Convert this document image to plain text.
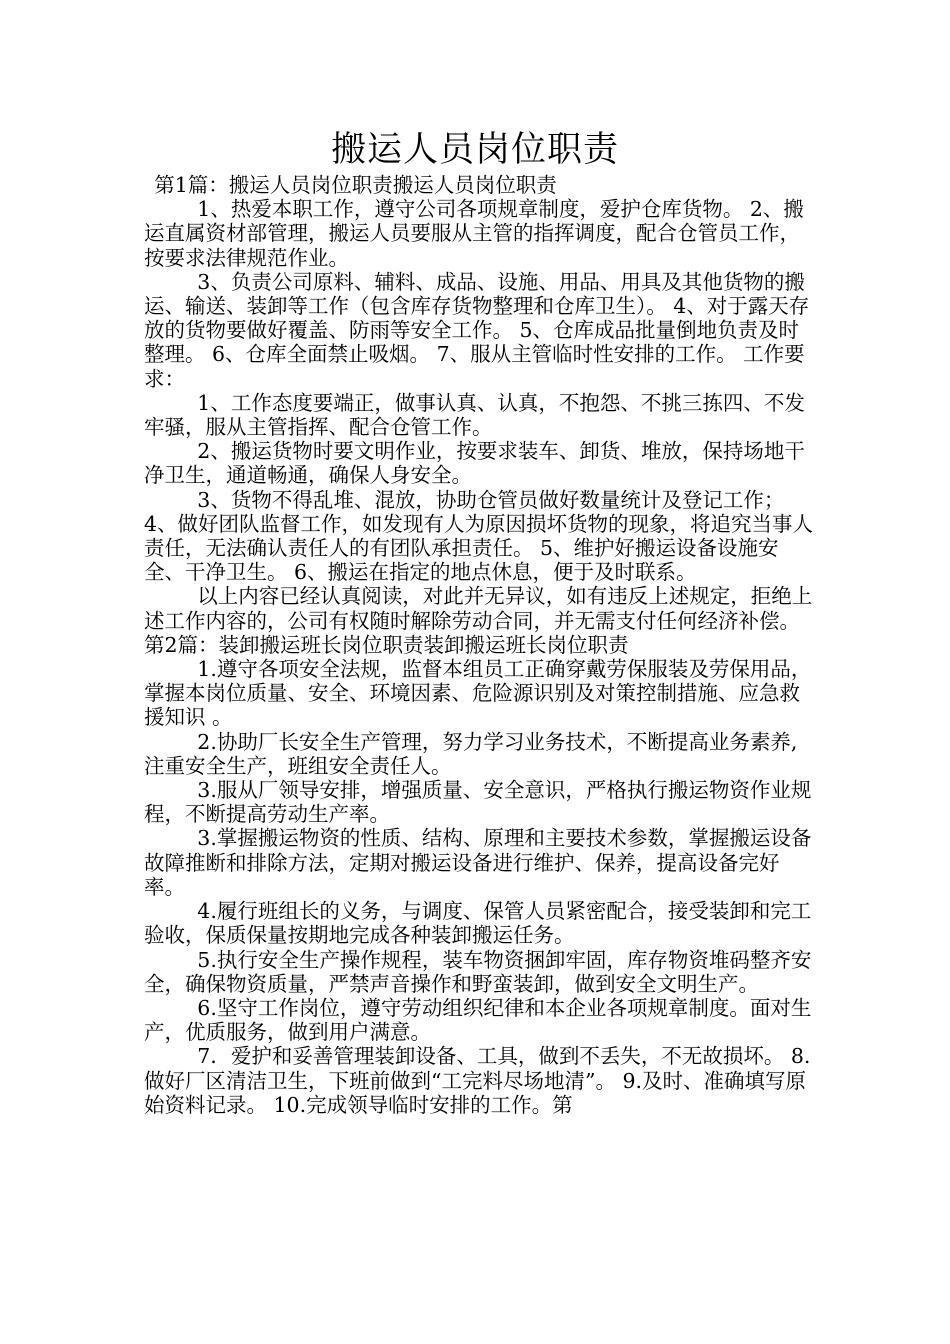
搬运人员岗位职责

第1篇：搬运人员岗位职责搬运人员岗位职责

1、热爱本职工作，遵守公司各项规章制度，爱护仓库货物。 2、搬运直属资材部管理，搬运人员要服从主管的指挥调度，配合仓管员工作，按要求法律规范作业。

3、负责公司原料、辅料、成品、设施、用品、用具及其他货物的搬运、输送、装卸等工作（包含库存货物整理和仓库卫生）。 4、对于露天存放的货物要做好覆盖、防雨等安全工作。 5、仓库成品批量倒地负责及时整理。 6、仓库全面禁止吸烟。 7、服从主管临时性安排的工作。 工作要求：

1、工作态度要端正，做事认真、认真，不抱怨、不挑三拣四、不发牢骚，服从主管指挥、配合仓管工作。

2、搬运货物时要文明作业，按要求装车、卸货、堆放，保持场地干净卫生，通道畅通，确保人身安全。

3、货物不得乱堆、混放，协助仓管员做好数量统计及登记工作； 4、做好团队监督工作，如发现有人为原因损坏货物的现象，将追究当事人责任，无法确认责任人的有团队承担责任。 5、维护好搬运设备设施安全、干净卫生。 6、搬运在指定的地点休息，便于及时联系。

以上内容已经认真阅读，对此并无异议，如有违反上述规定，拒绝上述工作内容的，公司有权随时解除劳动合同，并无需支付任何经济补偿。第2篇：装卸搬运班长岗位职责装卸搬运班长岗位职责

1.遵守各项安全法规，监督本组员工正确穿戴劳保服装及劳保用品，掌握本岗位质量、安全、环境因素、危险源识别及对策控制措施、应急救援知识 。

2.协助厂长安全生产管理，努力学习业务技术，不断提高业务素养,注重安全生产，班组安全责任人。

3.服从厂领导安排，增强质量、安全意识，严格执行搬运物资作业规程，不断提高劳动生产率。

3.掌握搬运物资的性质、结构、原理和主要技术参数，掌握搬运设备故障推断和排除方法，定期对搬运设备进行维护、保养，提高设备完好率。

4.履行班组长的义务，与调度、保管人员紧密配合，接受装卸和完工验收，保质保量按期地完成各种装卸搬运任务。

5.执行安全生产操作规程，装车物资捆卸牢固，库存物资堆码整齐安全，确保物资质量，严禁声音操作和野蛮装卸，做到安全文明生产。

6.坚守工作岗位，遵守劳动组织纪律和本企业各项规章制度。面对生产，优质服务，做到用户满意。

7．爱护和妥善管理装卸设备、工具，做到不丢失，不无故损坏。 8.做好厂区清洁卫生，下班前做到“工完料尽场地清”。 9.及时、准确填写原始资料记录。 10.完成领导临时安排的工作。第
